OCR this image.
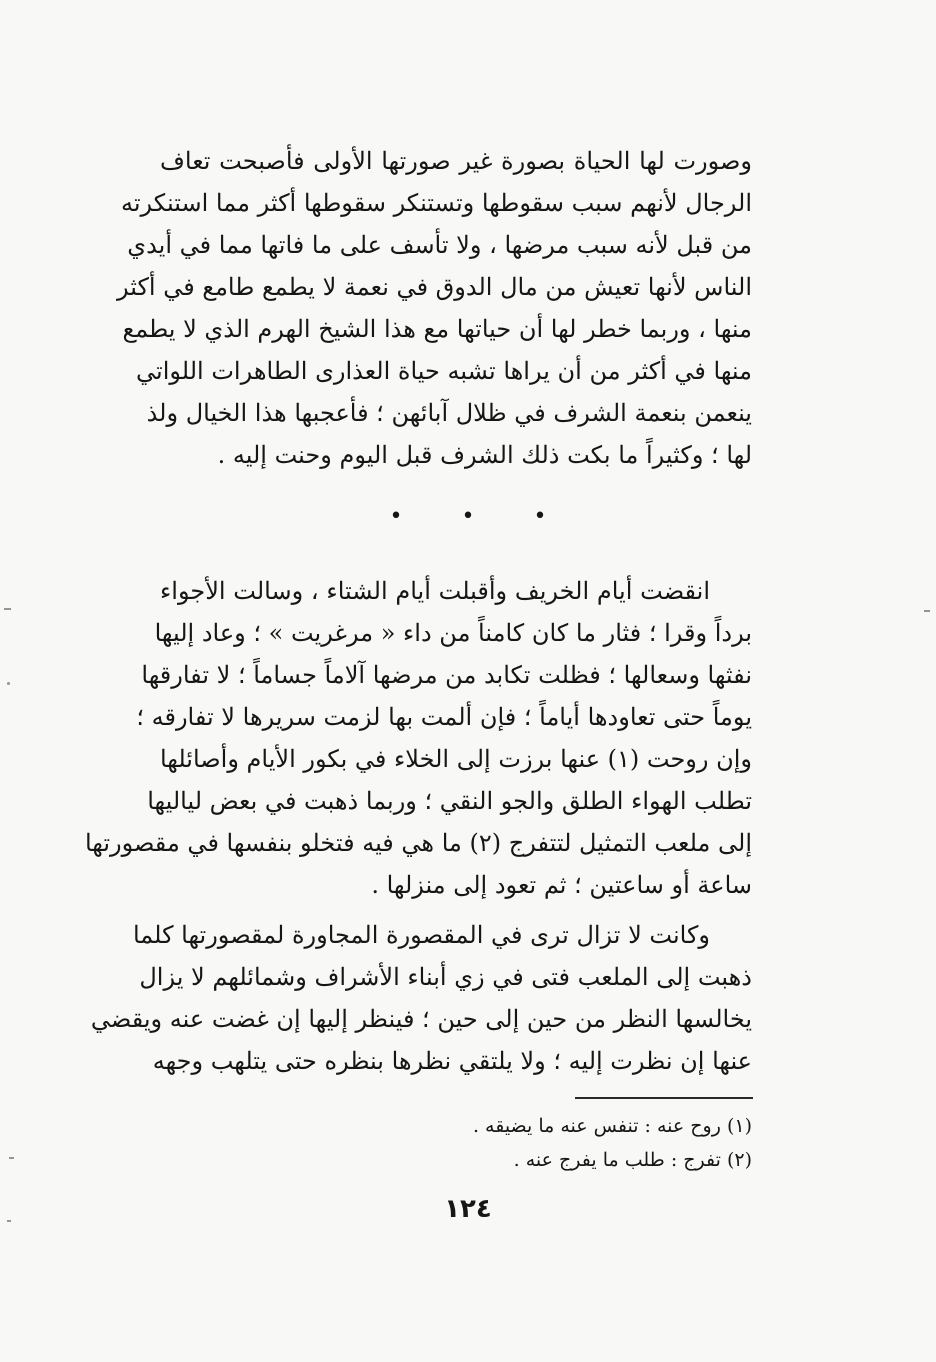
وصورت لها الحياة بصورة غير صورتها الأولى فأصبحت تعاف
الرجال لأنهم سبب سقوطها وتستنكر سقوطها أكثر مما استنكرته
من قبل لأنه سبب مرضها ، ولا تأسف على ما فاتها مما في أيدي
الناس لأنها تعيش من مال الدوق في نعمة لا يطمع طامع في أكثر
منها ، وربما خطر لها أن حياتها مع هذا الشيخ الهرم الذي لا يطمع
منها في أكثر من أن يراها تشبه حياة العذارى الطاهرات اللواتي
ينعمن بنعمة الشرف في ظلال آبائهن ؛ فأعجبها هذا الخيال ولذ
لها ؛ وكثيراً ما بكت ذلك الشرف قبل اليوم وحنت إليه .
• • •
انقضت أيام الخريف وأقبلت أيام الشتاء ، وسالت الأجواء
برداً وقرا ؛ فثار ما كان كامناً من داء « مرغريت » ؛ وعاد إليها
نفثها وسعالها ؛ فظلت تكابد من مرضها آلاماً جساماً ؛ لا تفارقها
يوماً حتى تعاودها أياماً ؛ فإن ألمت بها لزمت سريرها لا تفارقه ؛
وإن روحت (١) عنها برزت إلى الخلاء في بكور الأيام وأصائلها
تطلب الهواء الطلق والجو النقي ؛ وربما ذهبت في بعض لياليها
إلى ملعب التمثيل لتتفرج (٢) ما هي فيه فتخلو بنفسها في مقصورتها
ساعة أو ساعتين ؛ ثم تعود إلى منزلها .
وكانت لا تزال ترى في المقصورة المجاورة لمقصورتها كلما
ذهبت إلى الملعب فتى في زي أبناء الأشراف وشمائلهم لا يزال
يخالسها النظر من حين إلى حين ؛ فينظر إليها إن غضت عنه ويقضي
عنها إن نظرت إليه ؛ ولا يلتقي نظرها بنظره حتى يتلهب وجهه
(١) روح عنه : تنفس عنه ما يضيقه .
(٢) تفرج : طلب ما يفرج عنه .
١٢٤
